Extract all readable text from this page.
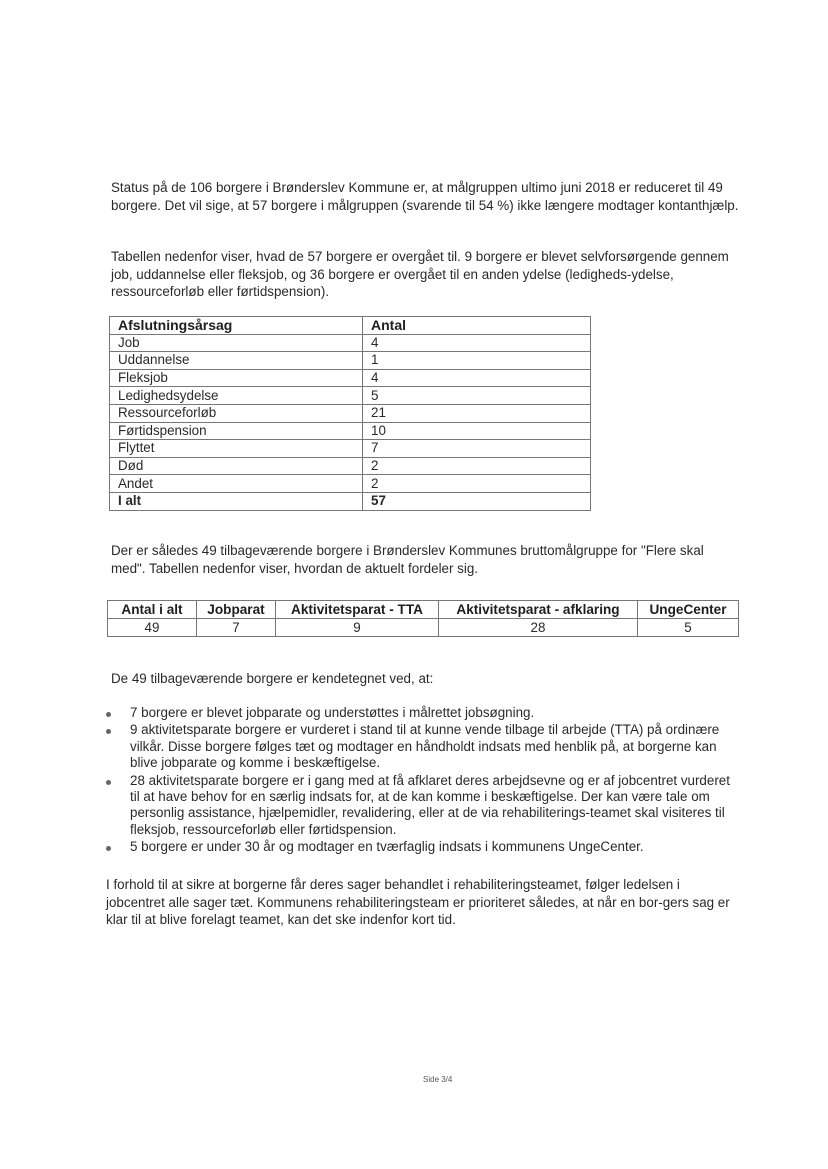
Status på de 106 borgere i Brønderslev Kommune er, at målgruppen ultimo juni 2018 er reduceret til 49 borgere. Det vil sige, at 57 borgere i målgruppen (svarende til 54 %) ikke længere modtager kontanthjælp.

Tabellen nedenfor viser, hvad de 57 borgere er overgået til. 9 borgere er blevet selvforsørgende gennem job, uddannelse eller fleksjob, og 36 borgere er overgået til en anden ydelse (ledigheds-ydelse, ressourceforløb eller førtidspension).

Afslutningsårsag	Antal
Job	4
Uddannelse	1
Fleksjob	4
Ledighedsydelse	5
Ressourceforløb	21
Førtidspension	10
Flyttet	7
Død	2
Andet	2
I alt	57

Der er således 49 tilbageværende borgere i Brønderslev Kommunes bruttomålgruppe for "Flere skal med". Tabellen nedenfor viser, hvordan de aktuelt fordeler sig.

Antal i alt	Jobparat	Aktivitetsparat - TTA	Aktivitetsparat - afklaring	UngeCenter
49	7	9	28	5

De 49 tilbageværende borgere er kendetegnet ved, at:

7 borgere er blevet jobparate og understøttes i målrettet jobsøgning.
9 aktivitetsparate borgere er vurderet i stand til at kunne vende tilbage til arbejde (TTA) på ordinære vilkår. Disse borgere følges tæt og modtager en håndholdt indsats med henblik på, at borgerne kan blive jobparate og komme i beskæftigelse.
28 aktivitetsparate borgere er i gang med at få afklaret deres arbejdsevne og er af jobcentret vurderet til at have behov for en særlig indsats for, at de kan komme i beskæftigelse. Der kan være tale om personlig assistance, hjælpemidler, revalidering, eller at de via rehabiliterings-teamet skal visiteres til fleksjob, ressourceforløb eller førtidspension.
5 borgere er under 30 år og modtager en tværfaglig indsats i kommunens UngeCenter.

I forhold til at sikre at borgerne får deres sager behandlet i rehabiliteringsteamet, følger ledelsen i jobcentret alle sager tæt. Kommunens rehabiliteringsteam er prioriteret således, at når en bor-gers sag er klar til at blive forelagt teamet, kan det ske indenfor kort tid.

Side 3/4
